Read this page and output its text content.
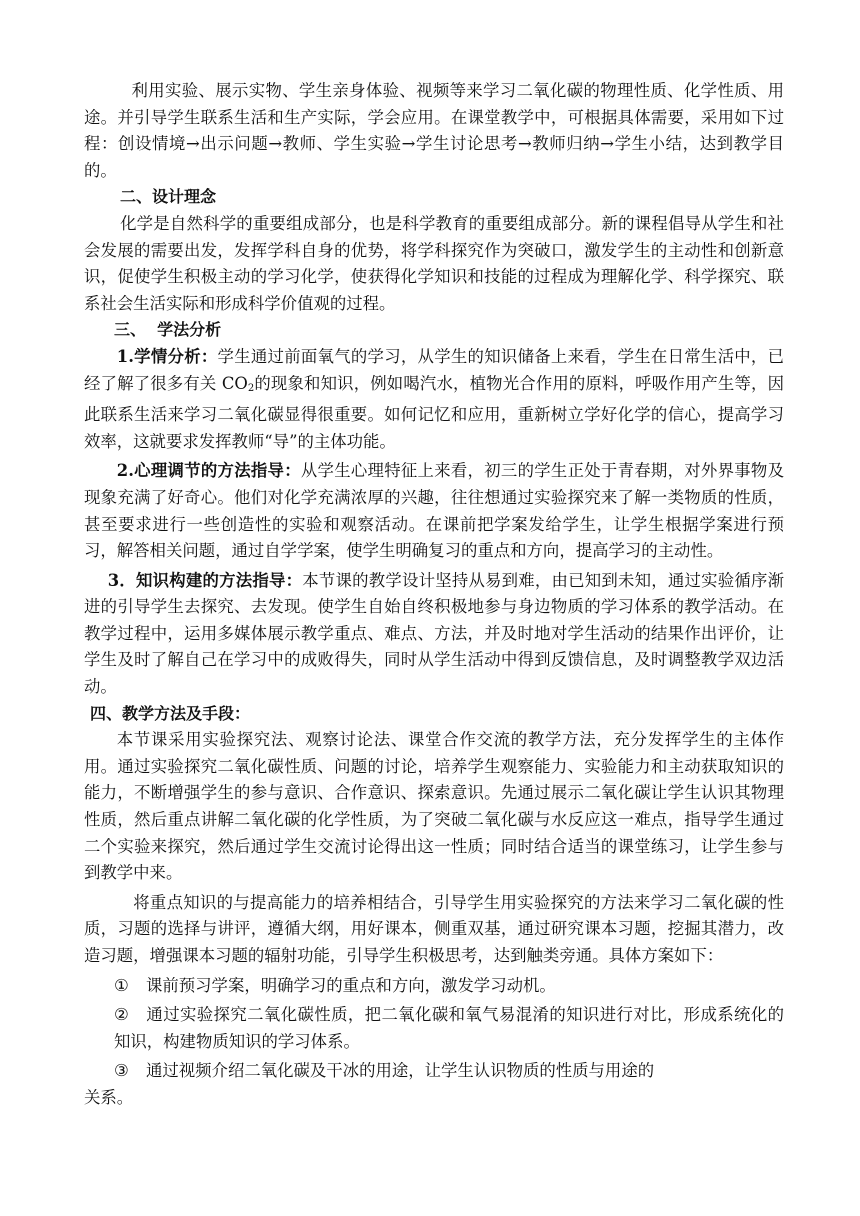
利用实验、展示实物、学生亲身体验、视频等来学习二氧化碳的物理性质、化学性质、用途。并引导学生联系生活和生产实际，学会应用。在课堂教学中，可根据具体需要，采用如下过程：创设情境→出示问题→教师、学生实验→学生讨论思考→教师归纳→学生小结，达到教学目的。

二、设计理念

化学是自然科学的重要组成部分，也是科学教育的重要组成部分。新的课程倡导从学生和社会发展的需要出发，发挥学科自身的优势，将学科探究作为突破口，激发学生的主动性和创新意识，促使学生积极主动的学习化学，使获得化学知识和技能的过程成为理解化学、科学探究、联系社会生活实际和形成科学价值观的过程。

三、  学法分析

1.学情分析：学生通过前面氧气的学习，从学生的知识储备上来看，学生在日常生活中，已经了解了很多有关 $CO_2$的现象和知识，例如喝汽水，植物光合作用的原料，呼吸作用产生等，因此联系生活来学习二氧化碳显得很重要。如何记忆和应用，重新树立学好化学的信心，提高学习效率，这就要求发挥教师“导”的主体功能。

2.心理调节的方法指导：从学生心理特征上来看，初三的学生正处于青春期，对外界事物及现象充满了好奇心。他们对化学充满浓厚的兴趣，往往想通过实验探究来了解一类物质的性质，甚至要求进行一些创造性的实验和观察活动。在课前把学案发给学生，让学生根据学案进行预习，解答相关问题，通过自学学案，使学生明确复习的重点和方向，提高学习的主动性。

3．知识构建的方法指导：本节课的教学设计坚持从易到难，由已知到未知，通过实验循序渐进的引导学生去探究、去发现。使学生自始自终积极地参与身边物质的学习体系的教学活动。在教学过程中，运用多媒体展示教学重点、难点、方法，并及时地对学生活动的结果作出评价，让学生及时了解自己在学习中的成败得失，同时从学生活动中得到反馈信息，及时调整教学双边活动。

四、教学方法及手段：

本节课采用实验探究法、观察讨论法、课堂合作交流的教学方法，充分发挥学生的主体作用。通过实验探究二氧化碳性质、问题的讨论，培养学生观察能力、实验能力和主动获取知识的能力，不断增强学生的参与意识、合作意识、探索意识。先通过展示二氧化碳让学生认识其物理性质，然后重点讲解二氧化碳的化学性质，为了突破二氧化碳与水反应这一难点，指导学生通过二个实验来探究，然后通过学生交流讨论得出这一性质；同时结合适当的课堂练习，让学生参与到教学中来。

将重点知识的与提高能力的培养相结合，引导学生用实验探究的方法来学习二氧化碳的性质，习题的选择与讲评，遵循大纲，用好课本，侧重双基，通过研究课本习题，挖掘其潜力，改造习题，增强课本习题的辐射功能，引导学生积极思考，达到触类旁通。具体方案如下：

① 课前预习学案，明确学习的重点和方向，激发学习动机。

② 通过实验探究二氧化碳性质，把二氧化碳和氧气易混淆的知识进行对比，形成系统化的知识，构建物质知识的学习体系。

③ 通过视频介绍二氧化碳及干冰的用途，让学生认识物质的性质与用途的

关系。
